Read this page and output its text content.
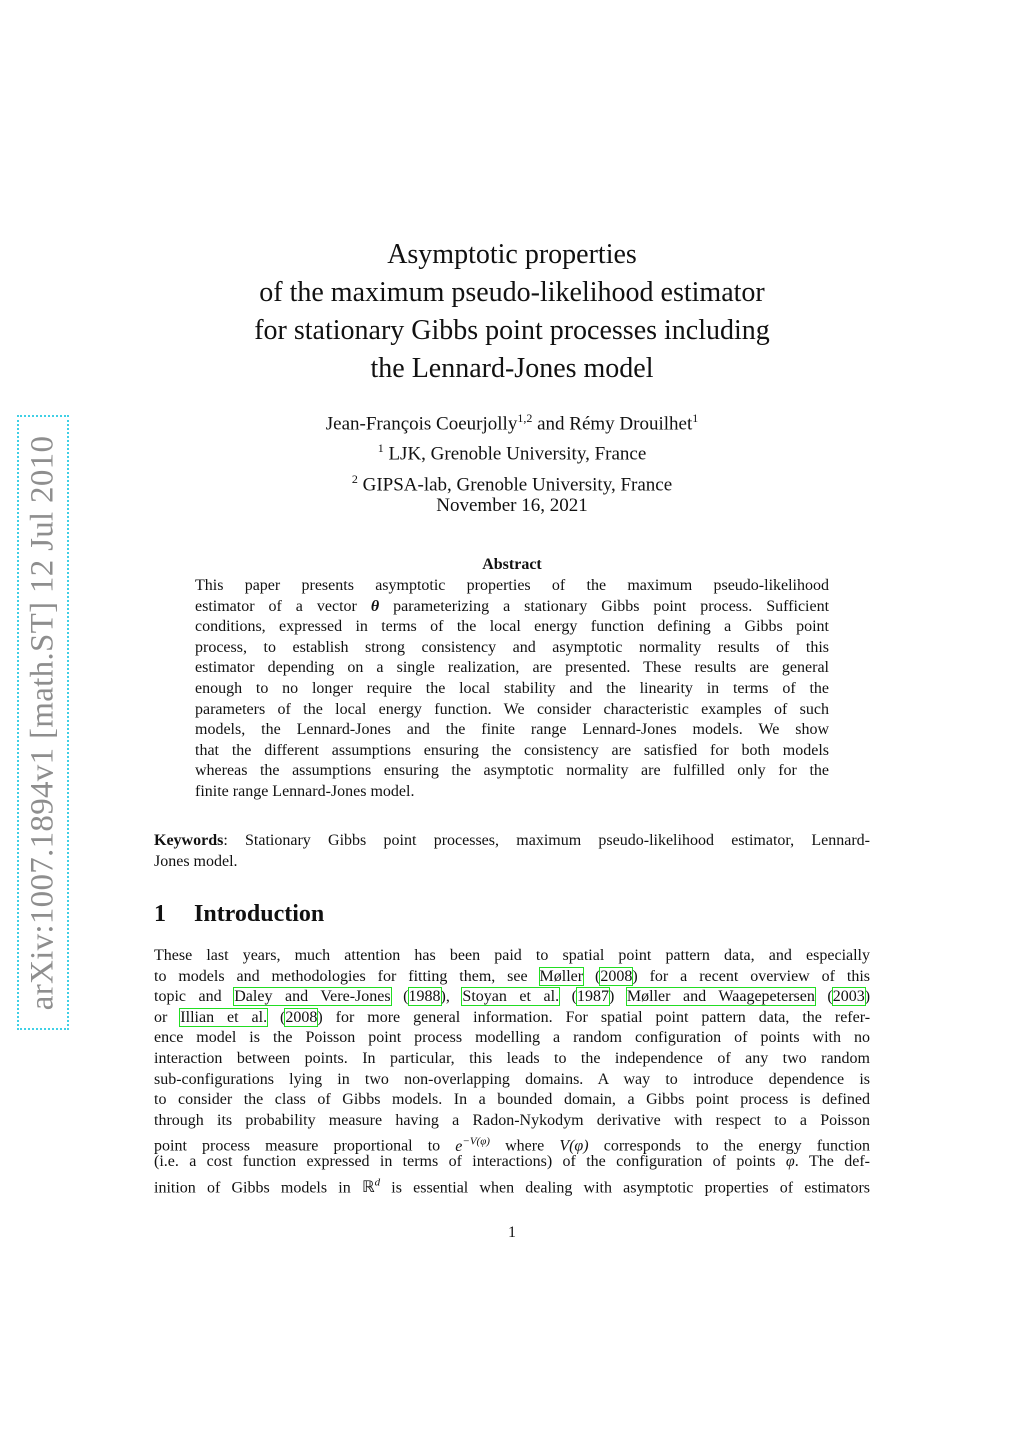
arXiv:1007.1894v1 [math.ST] 12 Jul 2010
Asymptotic properties
of the maximum pseudo-likelihood estimator
for stationary Gibbs point processes including
the Lennard-Jones model
Jean-François Coeurjolly$^{1,2}$ and Rémy Drouilhet$^1$
$^1$ LJK, Grenoble University, France
$^2$ GIPSA-lab, Grenoble University, France
November 16, 2021
Abstract
This paper presents asymptotic properties of the maximum pseudo-likelihood
estimator of a vector θ parameterizing a stationary Gibbs point process. Sufficient
conditions, expressed in terms of the local energy function defining a Gibbs point
process, to establish strong consistency and asymptotic normality results of this
estimator depending on a single realization, are presented. These results are general
enough to no longer require the local stability and the linearity in terms of the
parameters of the local energy function. We consider characteristic examples of such
models, the Lennard-Jones and the finite range Lennard-Jones models. We show
that the different assumptions ensuring the consistency are satisfied for both models
whereas the assumptions ensuring the asymptotic normality are fulfilled only for the
finite range Lennard-Jones model.
Keywords: Stationary Gibbs point processes, maximum pseudo-likelihood estimator, Lennard-
Jones model.
1 Introduction
These last years, much attention has been paid to spatial point pattern data, and especially
to models and methodologies for fitting them, see Møller (2008) for a recent overview of this
topic and Daley and Vere-Jones (1988), Stoyan et al. (1987) Møller and Waagepetersen (2003)
or Illian et al. (2008) for more general information. For spatial point pattern data, the refer-
ence model is the Poisson point process modelling a random configuration of points with no
interaction between points. In particular, this leads to the independence of any two random
sub-configurations lying in two non-overlapping domains. A way to introduce dependence is
to consider the class of Gibbs models. In a bounded domain, a Gibbs point process is defined
through its probability measure having a Radon-Nykodym derivative with respect to a Poisson
point process measure proportional to $e^{-V(\varphi)}$ where V(φ) corresponds to the energy function
(i.e. a cost function expressed in terms of interactions) of the configuration of points φ. The def-
inition of Gibbs models in ℝ$^d$ is essential when dealing with asymptotic properties of estimators
1
